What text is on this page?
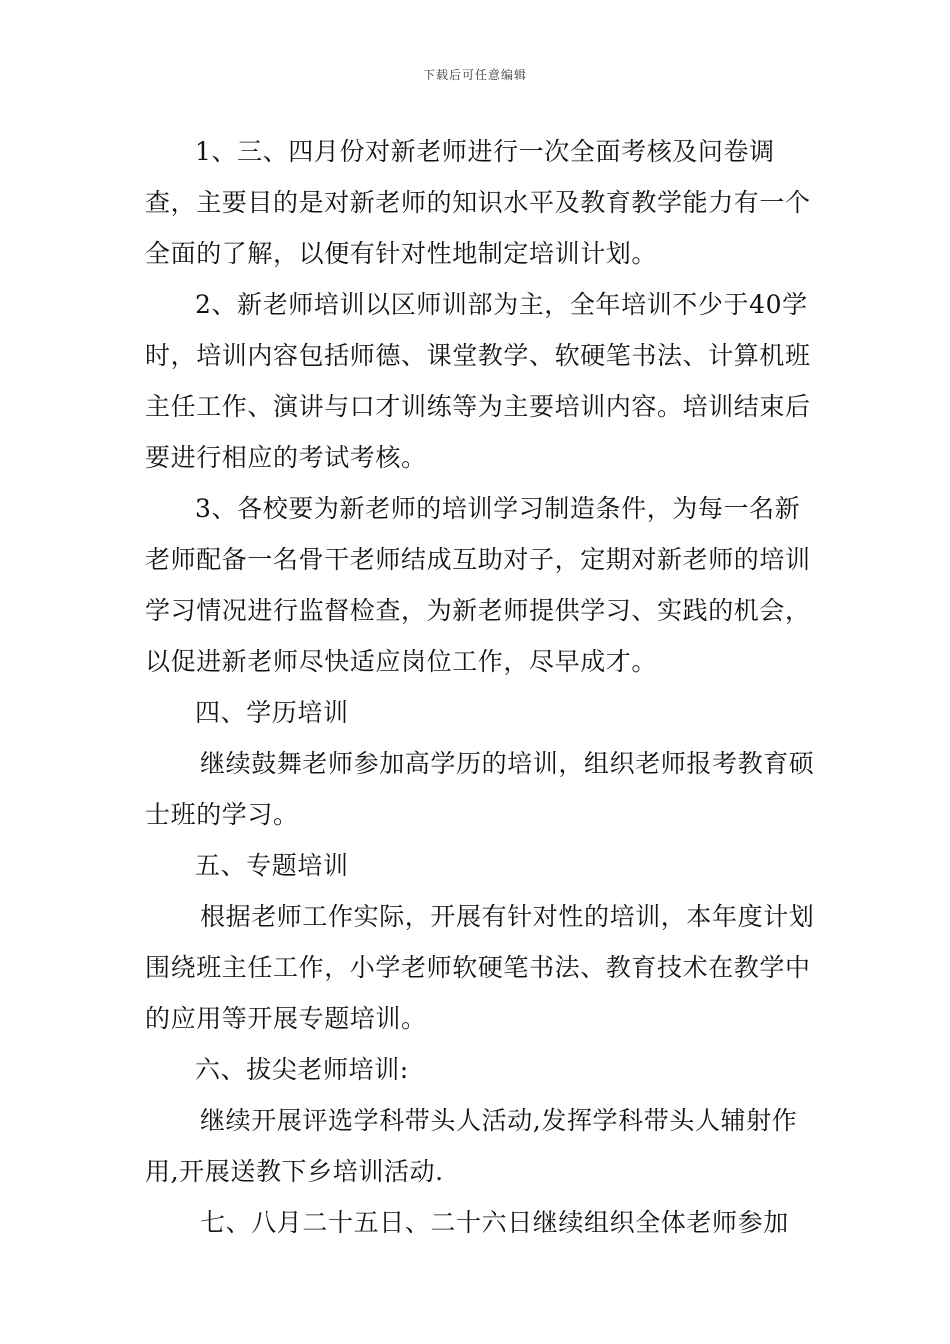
下载后可任意编辑

1、三、四月份对新老师进行一次全面考核及问卷调查，主要目的是对新老师的知识水平及教育教学能力有一个全面的了解，以便有针对性地制定培训计划。

2、新老师培训以区师训部为主，全年培训不少于40学时，培训内容包括师德、课堂教学、软硬笔书法、计算机班主任工作、演讲与口才训练等为主要培训内容。培训结束后要进行相应的考试考核。

3、各校要为新老师的培训学习制造条件，为每一名新老师配备一名骨干老师结成互助对子，定期对新老师的培训学习情况进行监督检查，为新老师提供学习、实践的机会，以促进新老师尽快适应岗位工作，尽早成才。

四、学历培训

继续鼓舞老师参加高学历的培训，组织老师报考教育硕士班的学习。

五、专题培训

根据老师工作实际，开展有针对性的培训，本年度计划围绕班主任工作，小学老师软硬笔书法、教育技术在教学中的应用等开展专题培训。

六、拔尖老师培训:

继续开展评选学科带头人活动,发挥学科带头人辅射作用,开展送教下乡培训活动.

七、八月二十五日、二十六日继续组织全体老师参加
